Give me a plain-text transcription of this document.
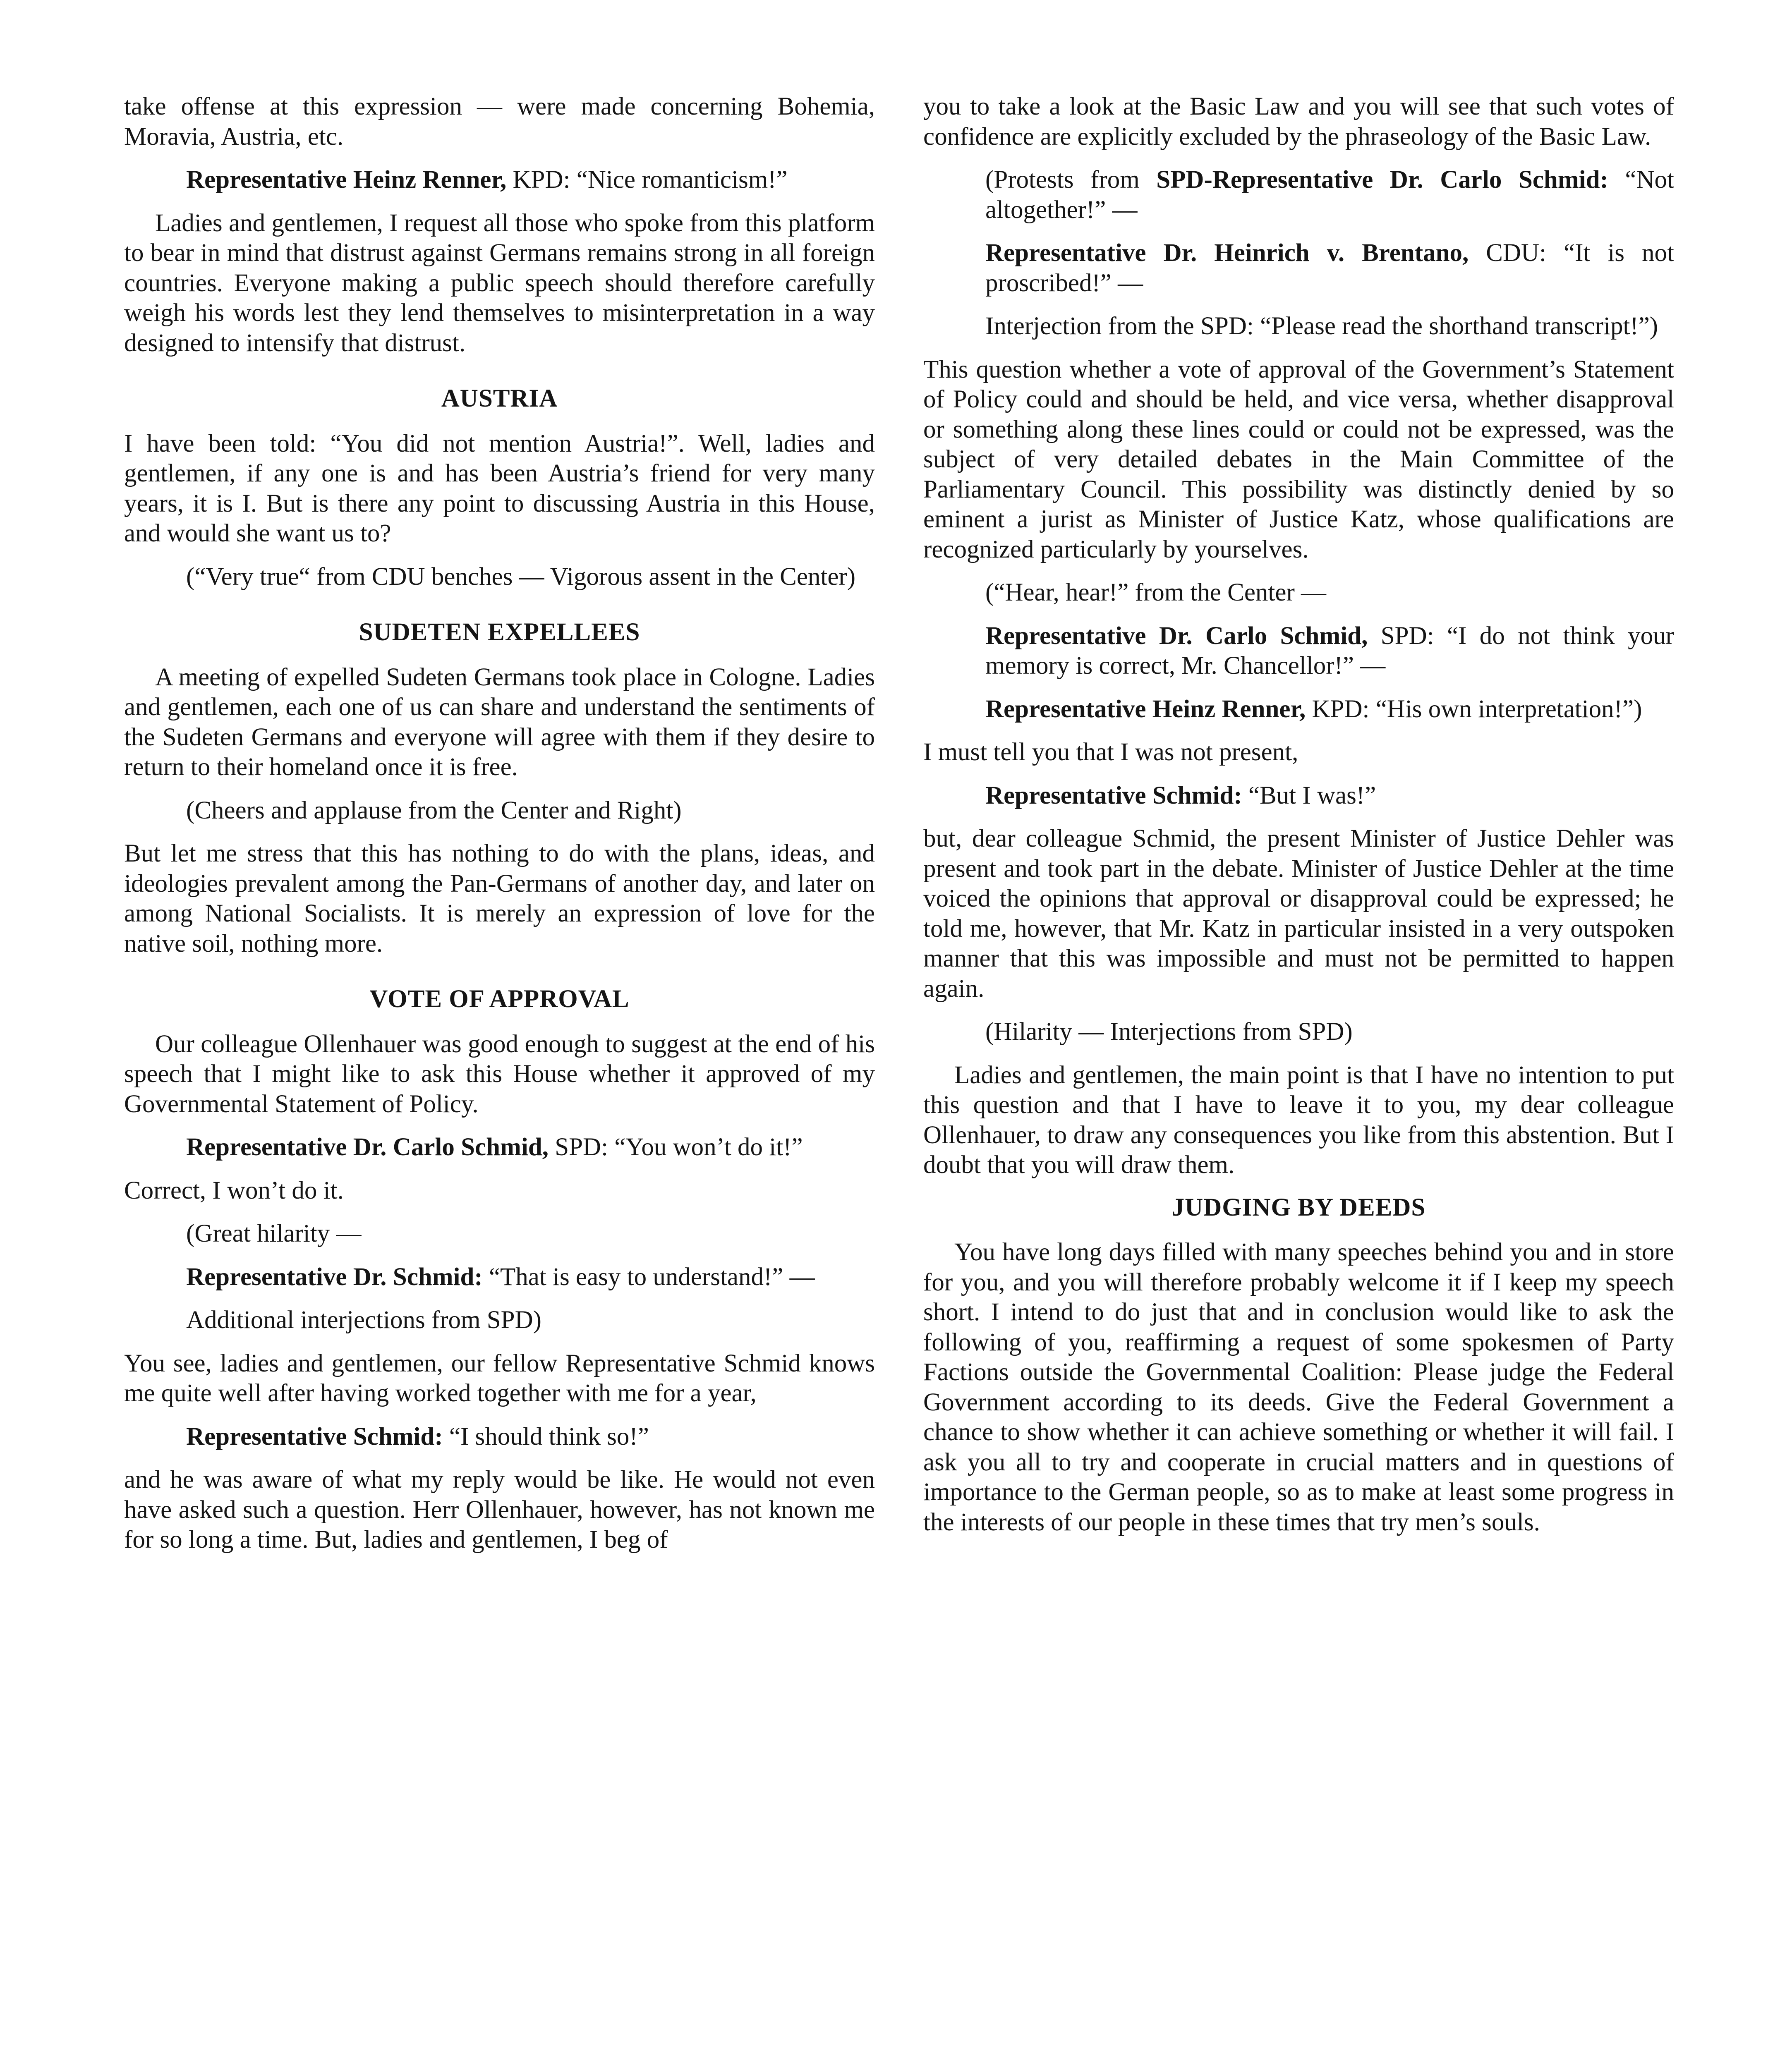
take offense at this expression — were made concerning Bohemia, Moravia, Austria, etc.

Representative Heinz Renner, KPD: “Nice romanticism!”

Ladies and gentlemen, I request all those who spoke from this platform to bear in mind that distrust against Germans remains strong in all foreign countries. Everyone making a public speech should therefore carefully weigh his words lest they lend themselves to misinterpretation in a way designed to intensify that distrust.

AUSTRIA

I have been told: “You did not mention Austria!”. Well, ladies and gentlemen, if any one is and has been Austria’s friend for very many years, it is I. But is there any point to discussing Austria in this House, and would she want us to?

(“Very true“ from CDU benches — Vigorous assent in the Center)

SUDETEN EXPELLEES

A meeting of expelled Sudeten Germans took place in Cologne. Ladies and gentlemen, each one of us can share and understand the sentiments of the Sudeten Germans and everyone will agree with them if they desire to return to their homeland once it is free.

(Cheers and applause from the Center and Right)

But let me stress that this has nothing to do with the plans, ideas, and ideologies prevalent among the Pan-Germans of another day, and later on among National Socialists. It is merely an expression of love for the native soil, nothing more.

VOTE OF APPROVAL

Our colleague Ollenhauer was good enough to suggest at the end of his speech that I might like to ask this House whether it approved of my Governmental Statement of Policy.

Representative Dr. Carlo Schmid, SPD: “You won’t do it!”

Correct, I won’t do it.

(Great hilarity —

Representative Dr. Schmid: “That is easy to understand!” —

Additional interjections from SPD)

You see, ladies and gentlemen, our fellow Representative Schmid knows me quite well after having worked together with me for a year,

Representative Schmid: “I should think so!”

and he was aware of what my reply would be like. He would not even have asked such a question. Herr Ollenhauer, however, has not known me for so long a time. But, ladies and gentlemen, I beg of

you to take a look at the Basic Law and you will see that such votes of confidence are explicitly excluded by the phraseology of the Basic Law.

(Protests from SPD-Representative Dr. Carlo Schmid: “Not altogether!” —

Representative Dr. Heinrich v. Brentano, CDU: “It is not proscribed!” —

Interjection from the SPD: “Please read the shorthand transcript!”)

This question whether a vote of approval of the Government’s Statement of Policy could and should be held, and vice versa, whether disapproval or something along these lines could or could not be expressed, was the subject of very detailed debates in the Main Committee of the Parliamentary Council. This possibility was distinctly denied by so eminent a jurist as Minister of Justice Katz, whose qualifications are recognized particularly by yourselves.

(“Hear, hear!” from the Center —

Representative Dr. Carlo Schmid, SPD: “I do not think your memory is correct, Mr. Chancellor!” —

Representative Heinz Renner, KPD: “His own interpretation!”)

I must tell you that I was not present,

Representative Schmid: “But I was!”

but, dear colleague Schmid, the present Minister of Justice Dehler was present and took part in the debate. Minister of Justice Dehler at the time voiced the opinions that approval or disapproval could be expressed; he told me, however, that Mr. Katz in particular insisted in a very outspoken manner that this was impossible and must not be permitted to happen again.

(Hilarity — Interjections from SPD)

Ladies and gentlemen, the main point is that I have no intention to put this question and that I have to leave it to you, my dear colleague Ollenhauer, to draw any consequences you like from this abstention. But I doubt that you will draw them.

JUDGING BY DEEDS

You have long days filled with many speeches behind you and in store for you, and you will therefore probably welcome it if I keep my speech short. I intend to do just that and in conclusion would like to ask the following of you, reaffirming a request of some spokesmen of Party Factions outside the Governmental Coalition: Please judge the Federal Government according to its deeds. Give the Federal Government a chance to show whether it can achieve something or whether it will fail. I ask you all to try and cooperate in crucial matters and in questions of importance to the German people, so as to make at least some progress in the interests of our people in these times that try men’s souls.
